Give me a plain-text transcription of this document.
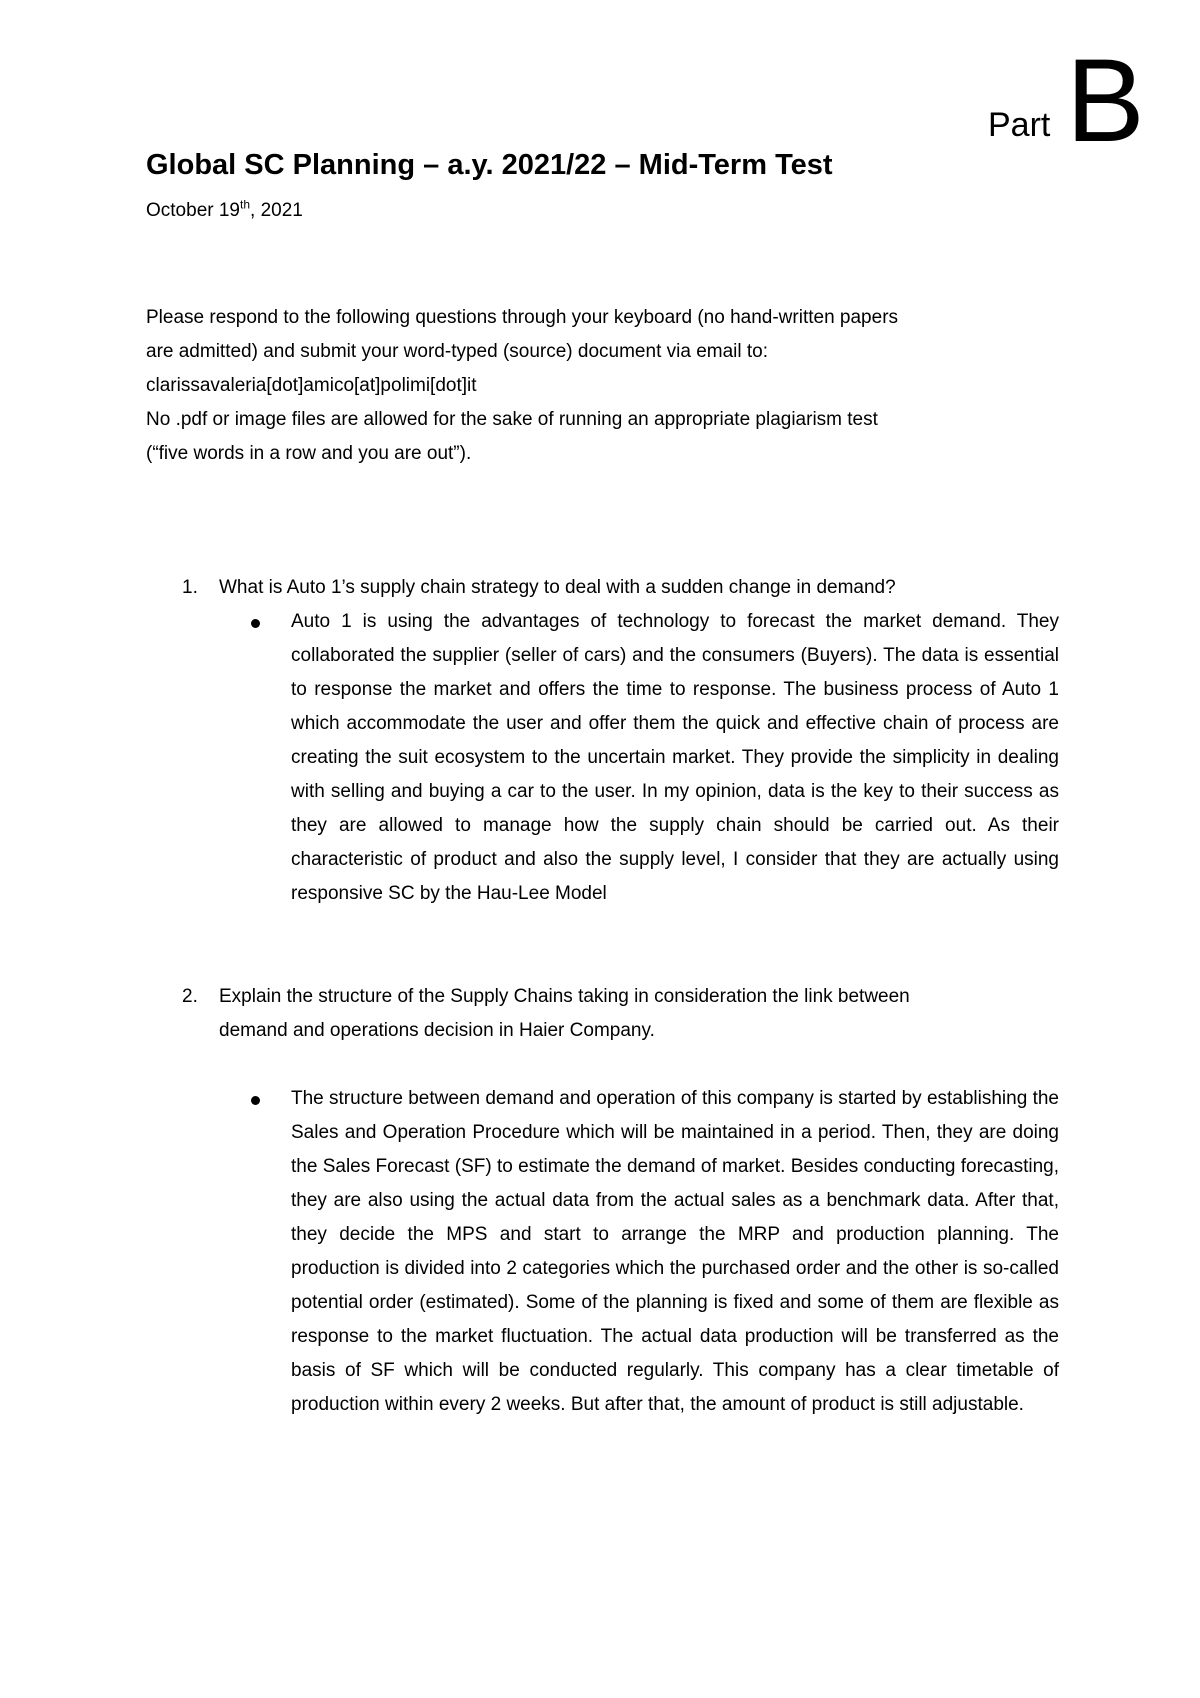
Part B
Global SC Planning – a.y. 2021/22 – Mid-Term Test
October 19th, 2021

Please respond to the following questions through your keyboard (no hand-written papers

are admitted) and submit your word-typed (source) document via email to:

clarissavaleria[dot]amico[at]polimi[dot]it

No .pdf or image files are allowed for the sake of running an appropriate plagiarism test

(“five words in a row and you are out”).

1. What is Auto 1’s supply chain strategy to deal with a sudden change in demand?
Auto 1 is using the advantages of technology to forecast the market demand. They collaborated the supplier (seller of cars) and the consumers (Buyers). The data is essential to response the market and offers the time to response. The business process of Auto 1 which accommodate the user and offer them the quick and effective chain of process are creating the suit ecosystem to the uncertain market. They provide the simplicity in dealing with selling and buying a car to the user. In my opinion, data is the key to their success as they are allowed to manage how the supply chain should be carried out. As their characteristic of product and also the supply level, I consider that they are actually using responsive SC by the Hau-Lee Model
2. Explain the structure of the Supply Chains taking in consideration the link between
demand and operations decision in Haier Company.
The structure between demand and operation of this company is started by establishing the Sales and Operation Procedure which will be maintained in a period. Then, they are doing the Sales Forecast (SF) to estimate the demand of market. Besides conducting forecasting, they are also using the actual data from the actual sales as a benchmark data. After that, they decide the MPS and start to arrange the MRP and production planning. The production is divided into 2 categories which the purchased order and the other is so-called potential order (estimated). Some of the planning is fixed and some of them are flexible as response to the market fluctuation. The actual data production will be transferred as the basis of SF which will be conducted regularly. This company has a clear timetable of production within every 2 weeks. But after that, the amount of product is still adjustable.
